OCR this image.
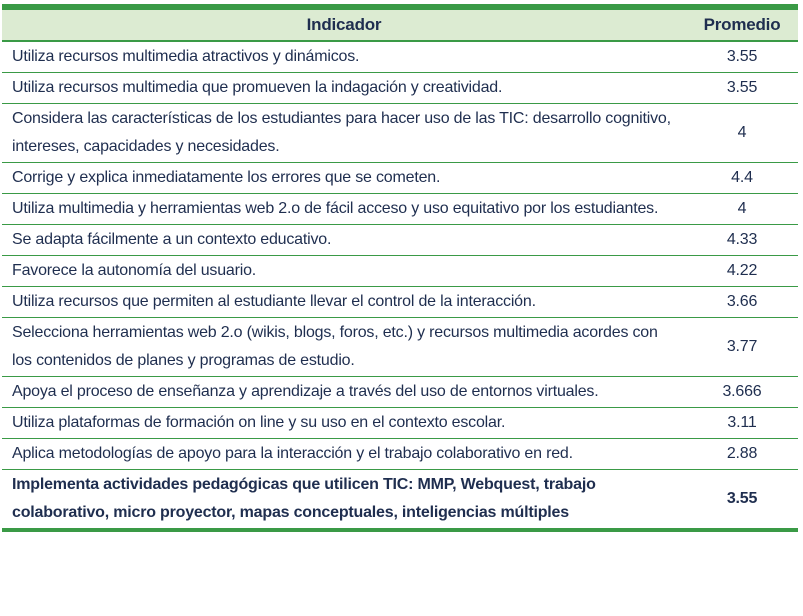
Indicador	Promedio
Utiliza recursos multimedia atractivos y dinámicos.	3.55
Utiliza recursos multimedia que promueven la indagación y creatividad.	3.55
Considera las características de los estudiantes para hacer uso de las TIC: desarrollo cognitivo, intereses, capacidades y necesidades.	4
Corrige y explica inmediatamente los errores que se cometen.	4.4
Utiliza multimedia y herramientas web 2.o de fácil acceso y uso equitativo por los estudiantes.	4
Se adapta fácilmente a un contexto educativo.	4.33
Favorece la autonomía del usuario.	4.22
Utiliza recursos que permiten al estudiante llevar el control de la interacción.	3.66
Selecciona herramientas web 2.o (wikis, blogs, foros, etc.) y recursos multimedia acordes con los contenidos de planes y programas de estudio.	3.77
Apoya el proceso de enseñanza y aprendizaje a través del uso de entornos virtuales.	3.666
Utiliza plataformas de formación on line y su uso en el contexto escolar.	3.11
Aplica metodologías de apoyo para la interacción y el trabajo colaborativo en red.	2.88
Implementa actividades pedagógicas que utilicen TIC: MMP, Webquest, trabajo colaborativo, micro proyector, mapas conceptuales, inteligencias múltiples	3.55
